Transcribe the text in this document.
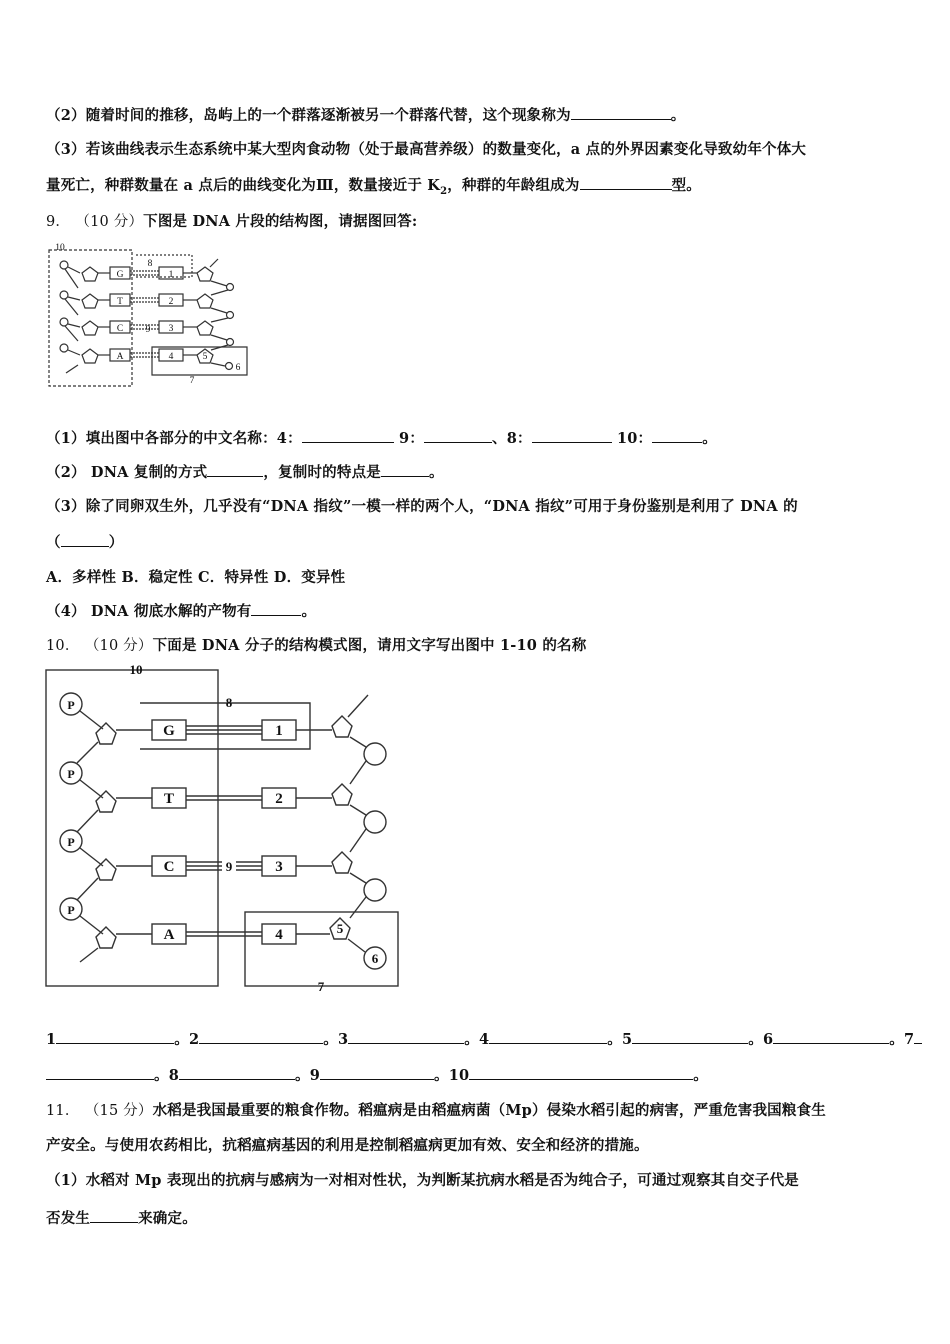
（2）随着时间的推移，岛屿上的一个群落逐渐被另一个群落代替，这个现象称为	。
（3）若该曲线表示生态系统中某大型肉食动物（处于最高营养级）的数量变化，a 点的外界因素变化导致幼年个体大
量死亡，种群数量在 a 点后的曲线变化为Ⅲ，数量接近于 $K_2$，种群的年龄组成为	型。
9． （10 分）下图是 DNA 片段的结构图，请据图回答:
G
T
C
A
1
2
3
4	5
6
7
8
9
10
（1）填出图中各部分的中文名称：4：	9：	、8：	10：	。
（2） DNA 复制的方式	，复制时的特点是	。
（3）除了同卵双生外，几乎没有“DNA 指纹”一模一样的两个人，“DNA 指纹”可用于身份鉴别是利用了 DNA 的
（	）
A．多样性 B．稳定性 C．特异性 D．变异性
（4） DNA 彻底水解的产物有	。
10． （10 分）下面是 DNA 分子的结构模式图，请用文字写出图中 1-10 的名称
P
P
P
P
G
T
C
A
1
2
3
4	5
6
7
8
9
10
1	。2	。3	。4	。5	。6	。7
。8	。9	。10	。
11． （15 分）水稻是我国最重要的粮食作物。稻瘟病是由稻瘟病菌（Mp）侵染水稻引起的病害，严重危害我国粮食生
产安全。与使用农药相比，抗稻瘟病基因的利用是控制稻瘟病更加有效、安全和经济的措施。
（1）水稻对 Mp 表现出的抗病与感病为一对相对性状，为判断某抗病水稻是否为纯合子，可通过观察其自交子代是
否发生	来确定。
